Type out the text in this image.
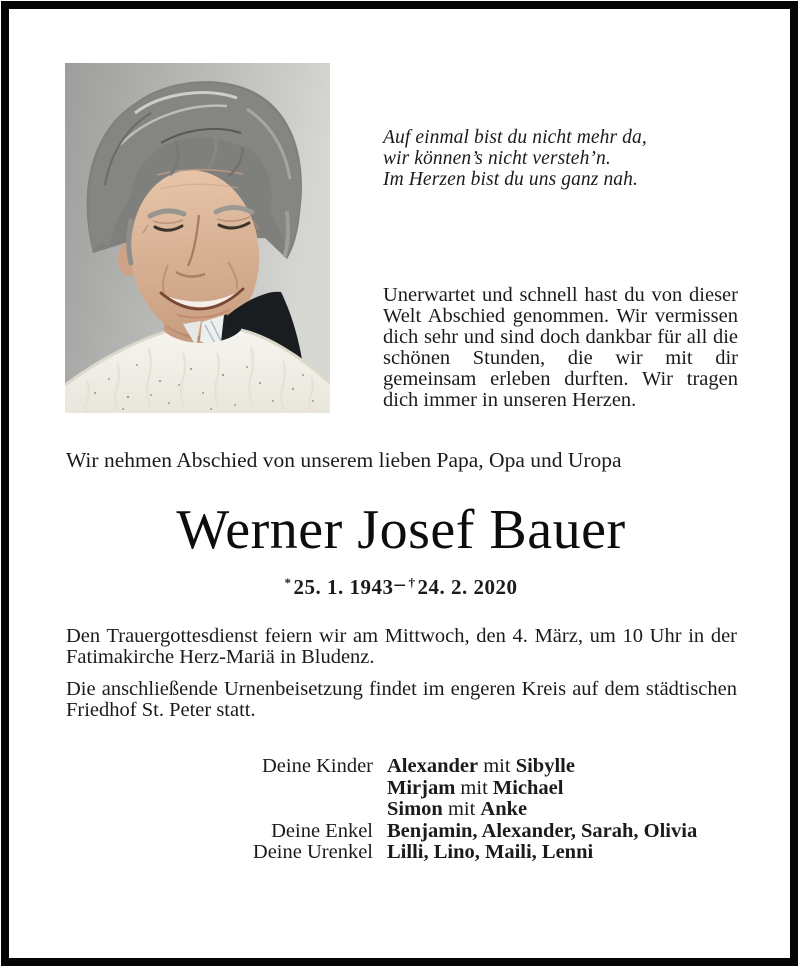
Auf einmal bist du nicht mehr da,
wir können’s nicht versteh’n.
Im Herzen bist du uns ganz nah.
Unerwartet und schnell hast du von dieser Welt Abschied genommen. Wir vermissen dich sehr und sind doch dankbar für all die schönen Stunden, die wir mit dir gemeinsam erleben durften. Wir tragen dich immer in unseren Herzen.
Wir nehmen Abschied von unserem lieben Papa, Opa und Uropa
Werner Josef Bauer
*25. 1. 1943– †24. 2. 2020
Den Trauergottesdienst feiern wir am Mittwoch, den 4. März, um 10 Uhr in der Fatimakirche Herz-Mariä in Bludenz.
Die anschließende Urnenbeisetzung findet im engeren Kreis auf dem städtischen Friedhof St. Peter statt.
Deine Kinder Alexander mit Sibylle
Mirjam mit Michael
Simon mit Anke
Deine Enkel Benjamin, Alexander, Sarah, Olivia
Deine Urenkel Lilli, Lino, Maili, Lenni
